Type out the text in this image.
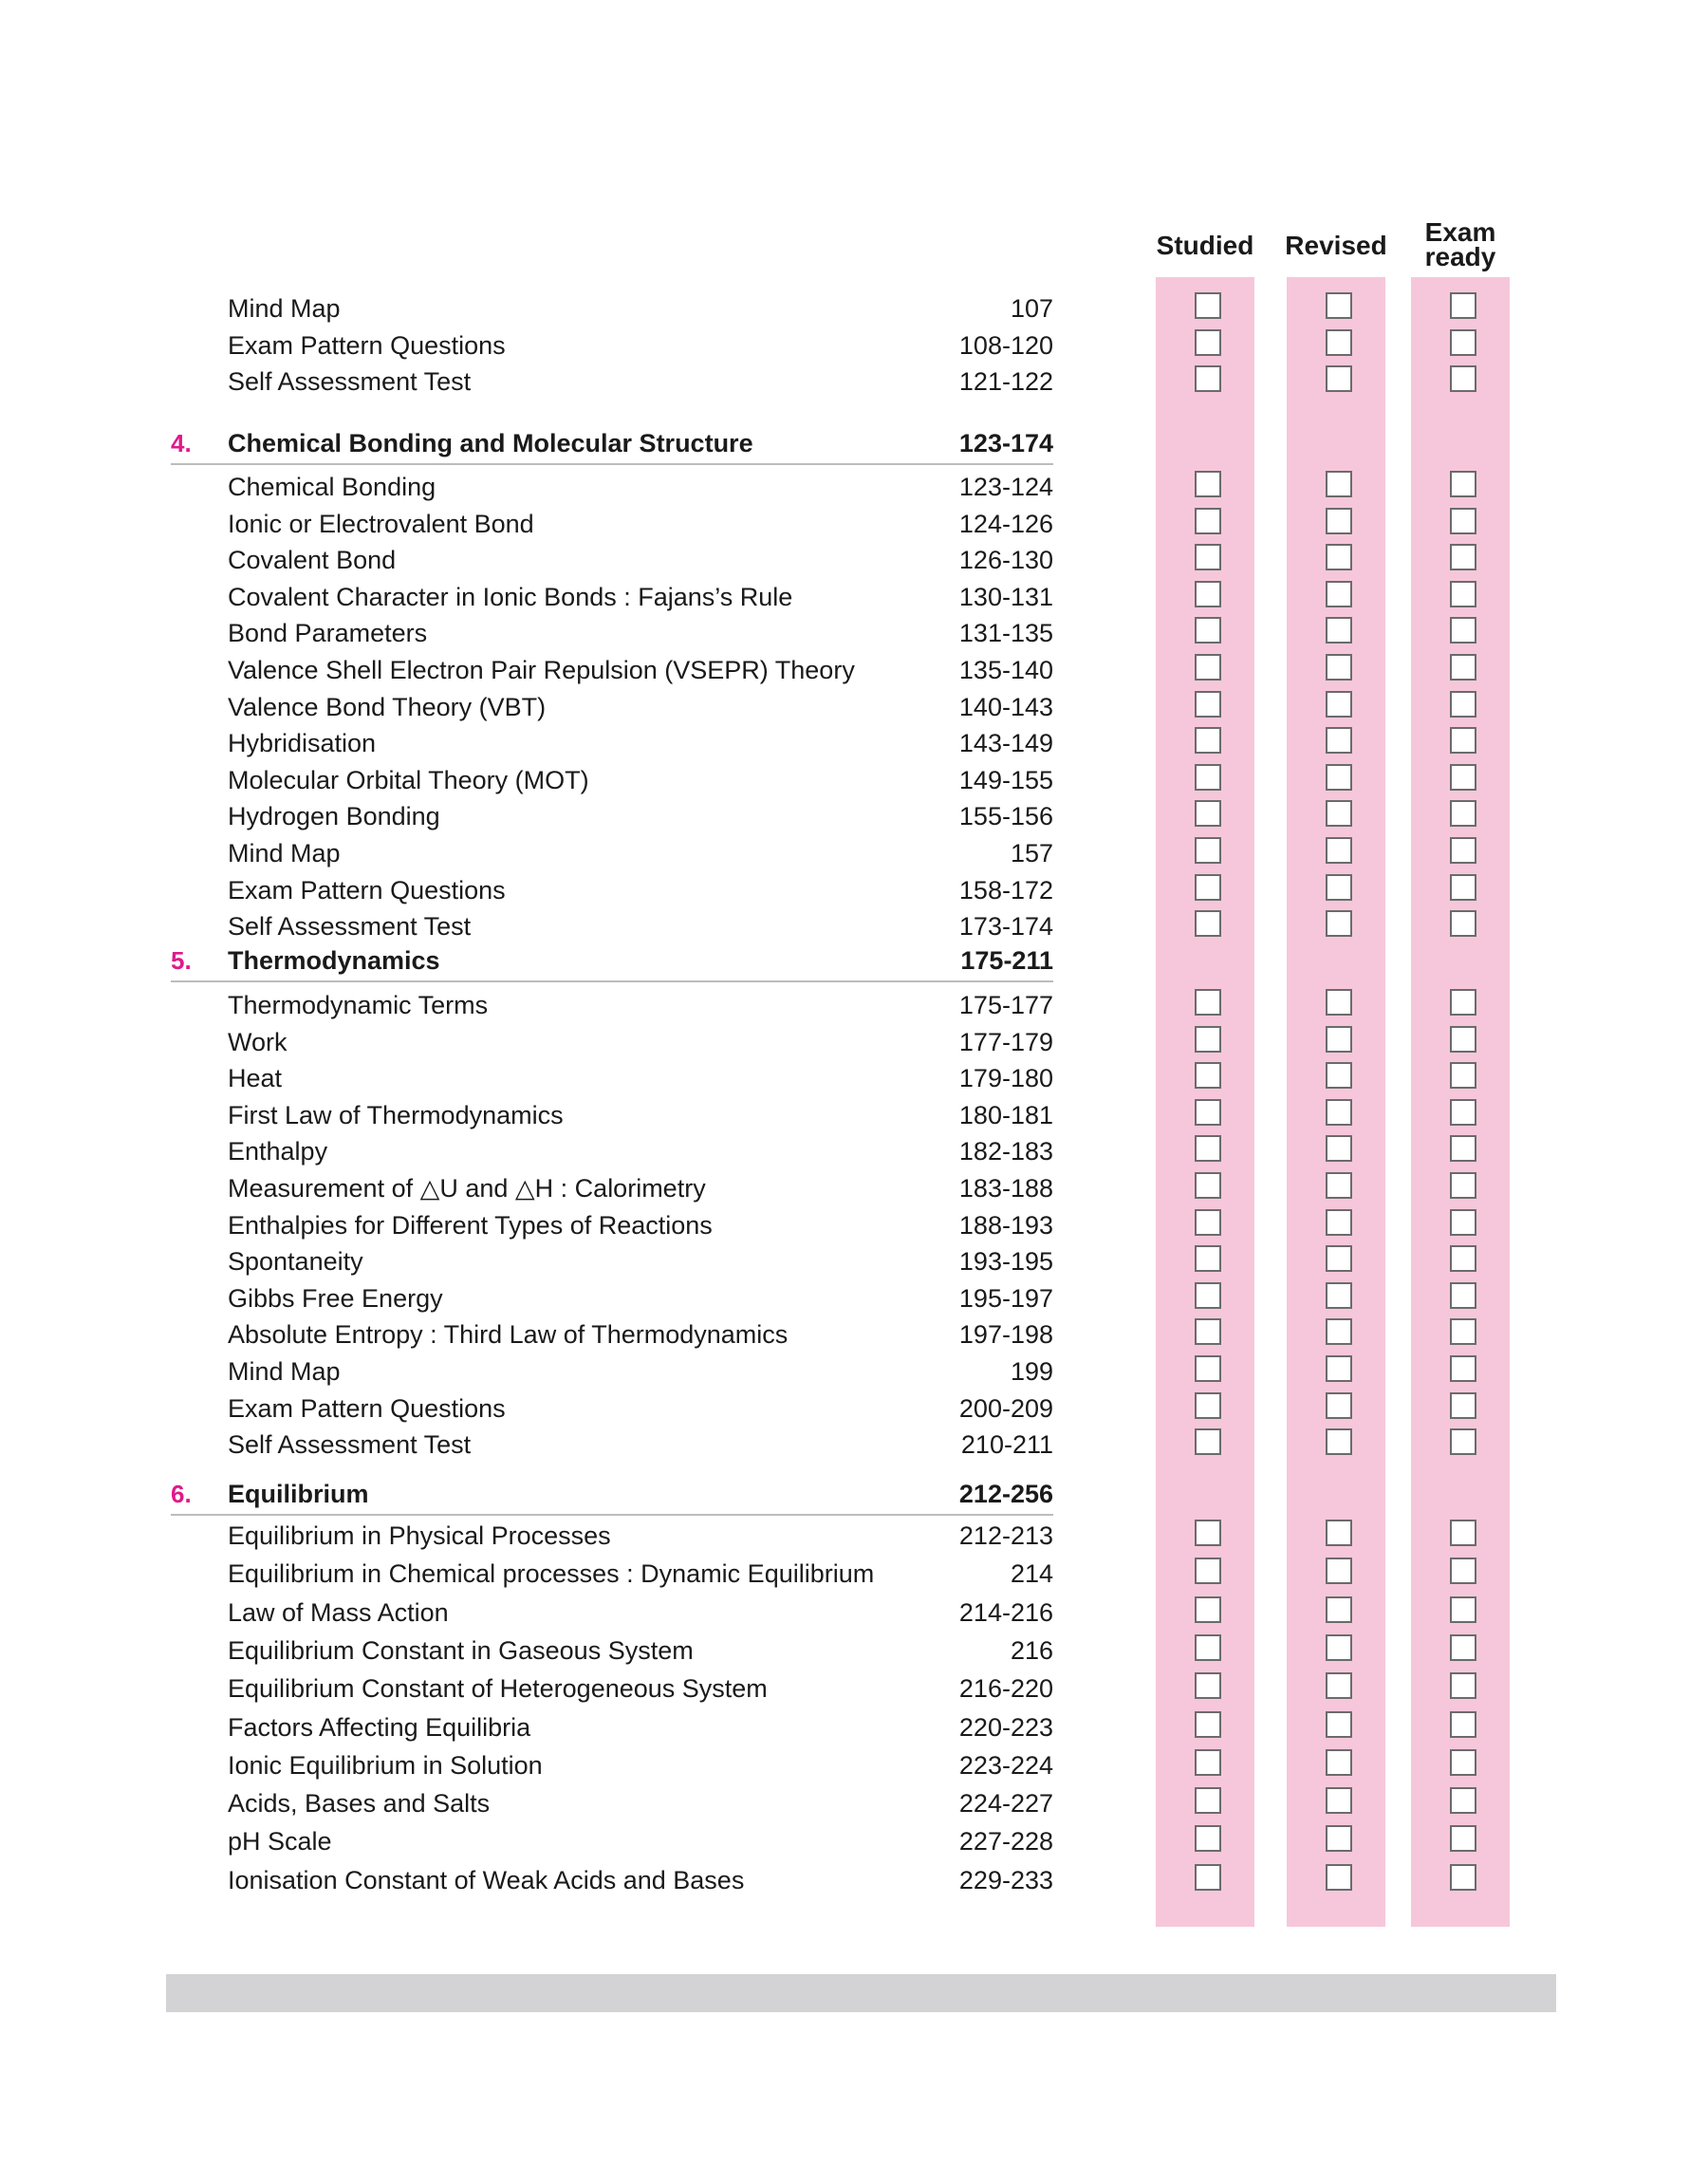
Studied	Revised	Exam
ready
Mind Map	107
Exam Pattern Questions	108-120
Self Assessment Test	121-122
4. Chemical Bonding and Molecular Structure	123-174
Chemical Bonding	123-124
Ionic or Electrovalent Bond	124-126
Covalent Bond	126-130
Covalent Character in Ionic Bonds : Fajans’s Rule	130-131
Bond Parameters	131-135
Valence Shell Electron Pair Repulsion (VSEPR) Theory	135-140
Valence Bond Theory (VBT)	140-143
Hybridisation	143-149
Molecular Orbital Theory (MOT)	149-155
Hydrogen Bonding	155-156
Mind Map	157
Exam Pattern Questions	158-172
Self Assessment Test	173-174
5. Thermodynamics	175-211
Thermodynamic Terms	175-177
Work	177-179
Heat	179-180
First Law of Thermodynamics	180-181
Enthalpy	182-183
Measurement of △U and △H : Calorimetry	183-188
Enthalpies for Different Types of Reactions	188-193
Spontaneity	193-195
Gibbs Free Energy	195-197
Absolute Entropy : Third Law of Thermodynamics	197-198
Mind Map	199
Exam Pattern Questions	200-209
Self Assessment Test	210-211
6. Equilibrium	212-256
Equilibrium in Physical Processes	212-213
Equilibrium in Chemical processes : Dynamic Equilibrium	214
Law of Mass Action	214-216
Equilibrium Constant in Gaseous System	216
Equilibrium Constant of Heterogeneous System	216-220
Factors Affecting Equilibria	220-223
Ionic Equilibrium in Solution	223-224
Acids, Bases and Salts	224-227
pH Scale	227-228
Ionisation Constant of Weak Acids and Bases	229-233
